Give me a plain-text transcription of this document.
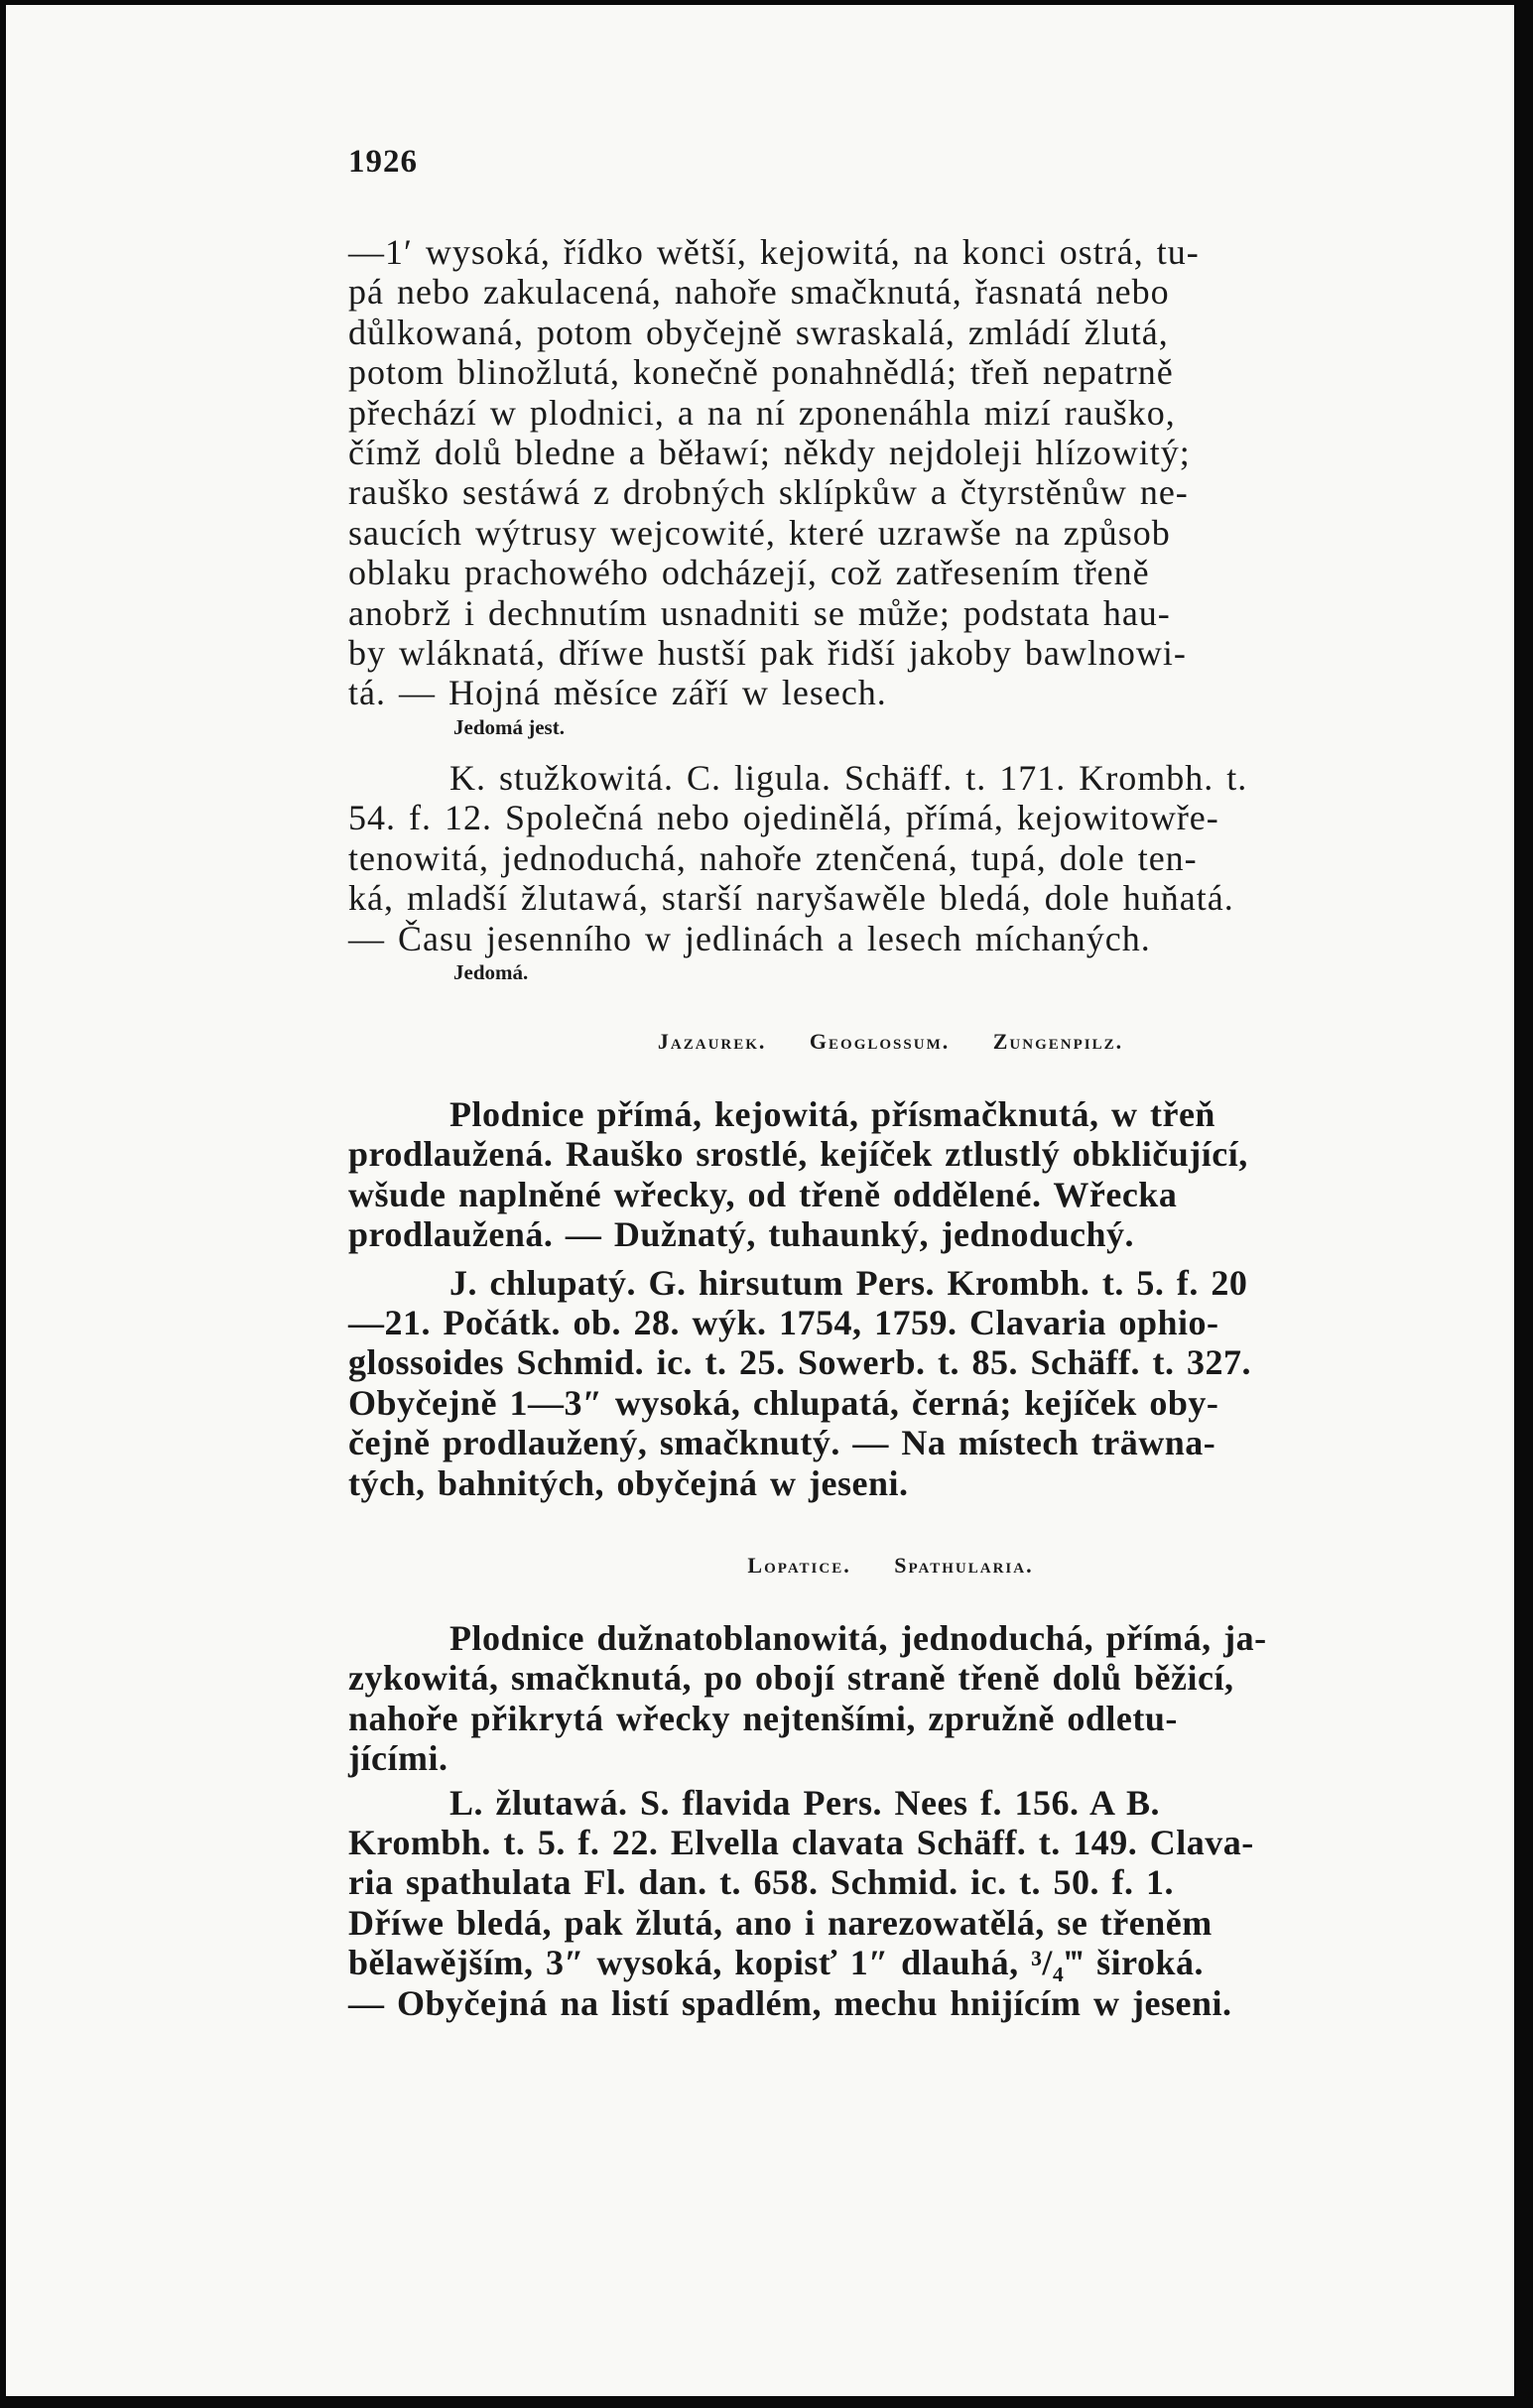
1926
—1′ wysoká, řídko wětší, kejowitá, na konci ostrá, tu-
pá nebo zakulacená, nahoře smačknutá, řasnatá nebo
důlkowaná, potom obyčejně swraskalá, zmládí žlutá,
potom blinožlutá, konečně ponahnědlá; třeň nepatrně
přechází w plodnici, a na ní zponenáhla mizí rauško,
čímž dolů bledne a běławí; někdy nejdoleji hlízowitý;
rauško sestáwá z drobných sklípkůw a čtyrstěnůw ne-
saucích wýtrusy wejcowité, které uzrawše na způsob
oblaku prachowého odcházejí, což zatřesením třeně
anobrž i dechnutím usnadniti se může; podstata hau-
by wláknatá, dříwe hustší pak řidší jakoby bawlnowi-
tá. — Hojná měsíce září w lesech.
Jedomá jest.
K. stužkowitá. C. ligula. Schäff. t. 171. Krombh. t.
54. f. 12. Společná nebo ojedinělá, přímá, kejowitowře-
tenowitá, jednoduchá, nahoře ztenčená, tupá, dole ten-
ká, mladší žlutawá, starší naryšawěle bledá, dole huňatá.
— Času jesenního w jedlinách a lesech míchaných.
Jedomá.
Jazaurek. Geoglossum. Zungenpilz.
Plodnice přímá, kejowitá, přísmačknutá, w třeň
prodlaužená. Rauško srostlé, kejíček ztlustlý obkličující,
wšude naplněné wřecky, od třeně oddělené. Wřecka
prodlaužená. — Dužnatý, tuhaunký, jednoduchý.
J. chlupatý. G. hirsutum Pers. Krombh. t. 5. f. 20
—21. Počátk. ob. 28. wýk. 1754, 1759. Clavaria ophio-
glossoides Schmid. ic. t. 25. Sowerb. t. 85. Schäff. t. 327.
Obyčejně 1—3″ wysoká, chlupatá, černá; kejíček oby-
čejně prodlaužený, smačknutý. — Na místech träwna-
tých, bahnitých, obyčejná w jeseni.
Lopatice. Spathularia.
Plodnice dužnatoblanowitá, jednoduchá, přímá, ja-
zykowitá, smačknutá, po obojí straně třeně dolů běžicí,
nahoře přikrytá wřecky nejtenšími, zpružně odletu-
jícími.
L. žlutawá. S. flavida Pers. Nees f. 156. A B.
Krombh. t. 5. f. 22. Elvella clavata Schäff. t. 149. Clava-
ria spathulata Fl. dan. t. 658. Schmid. ic. t. 50. f. 1.
Dříwe bledá, pak žlutá, ano i narezowatělá, se třeněm
bělawějším, 3″ wysoká, kopisť 1″ dlauhá, ³/₄‴ široká.
— Obyčejná na listí spadlém, mechu hnijícím w jeseni.
